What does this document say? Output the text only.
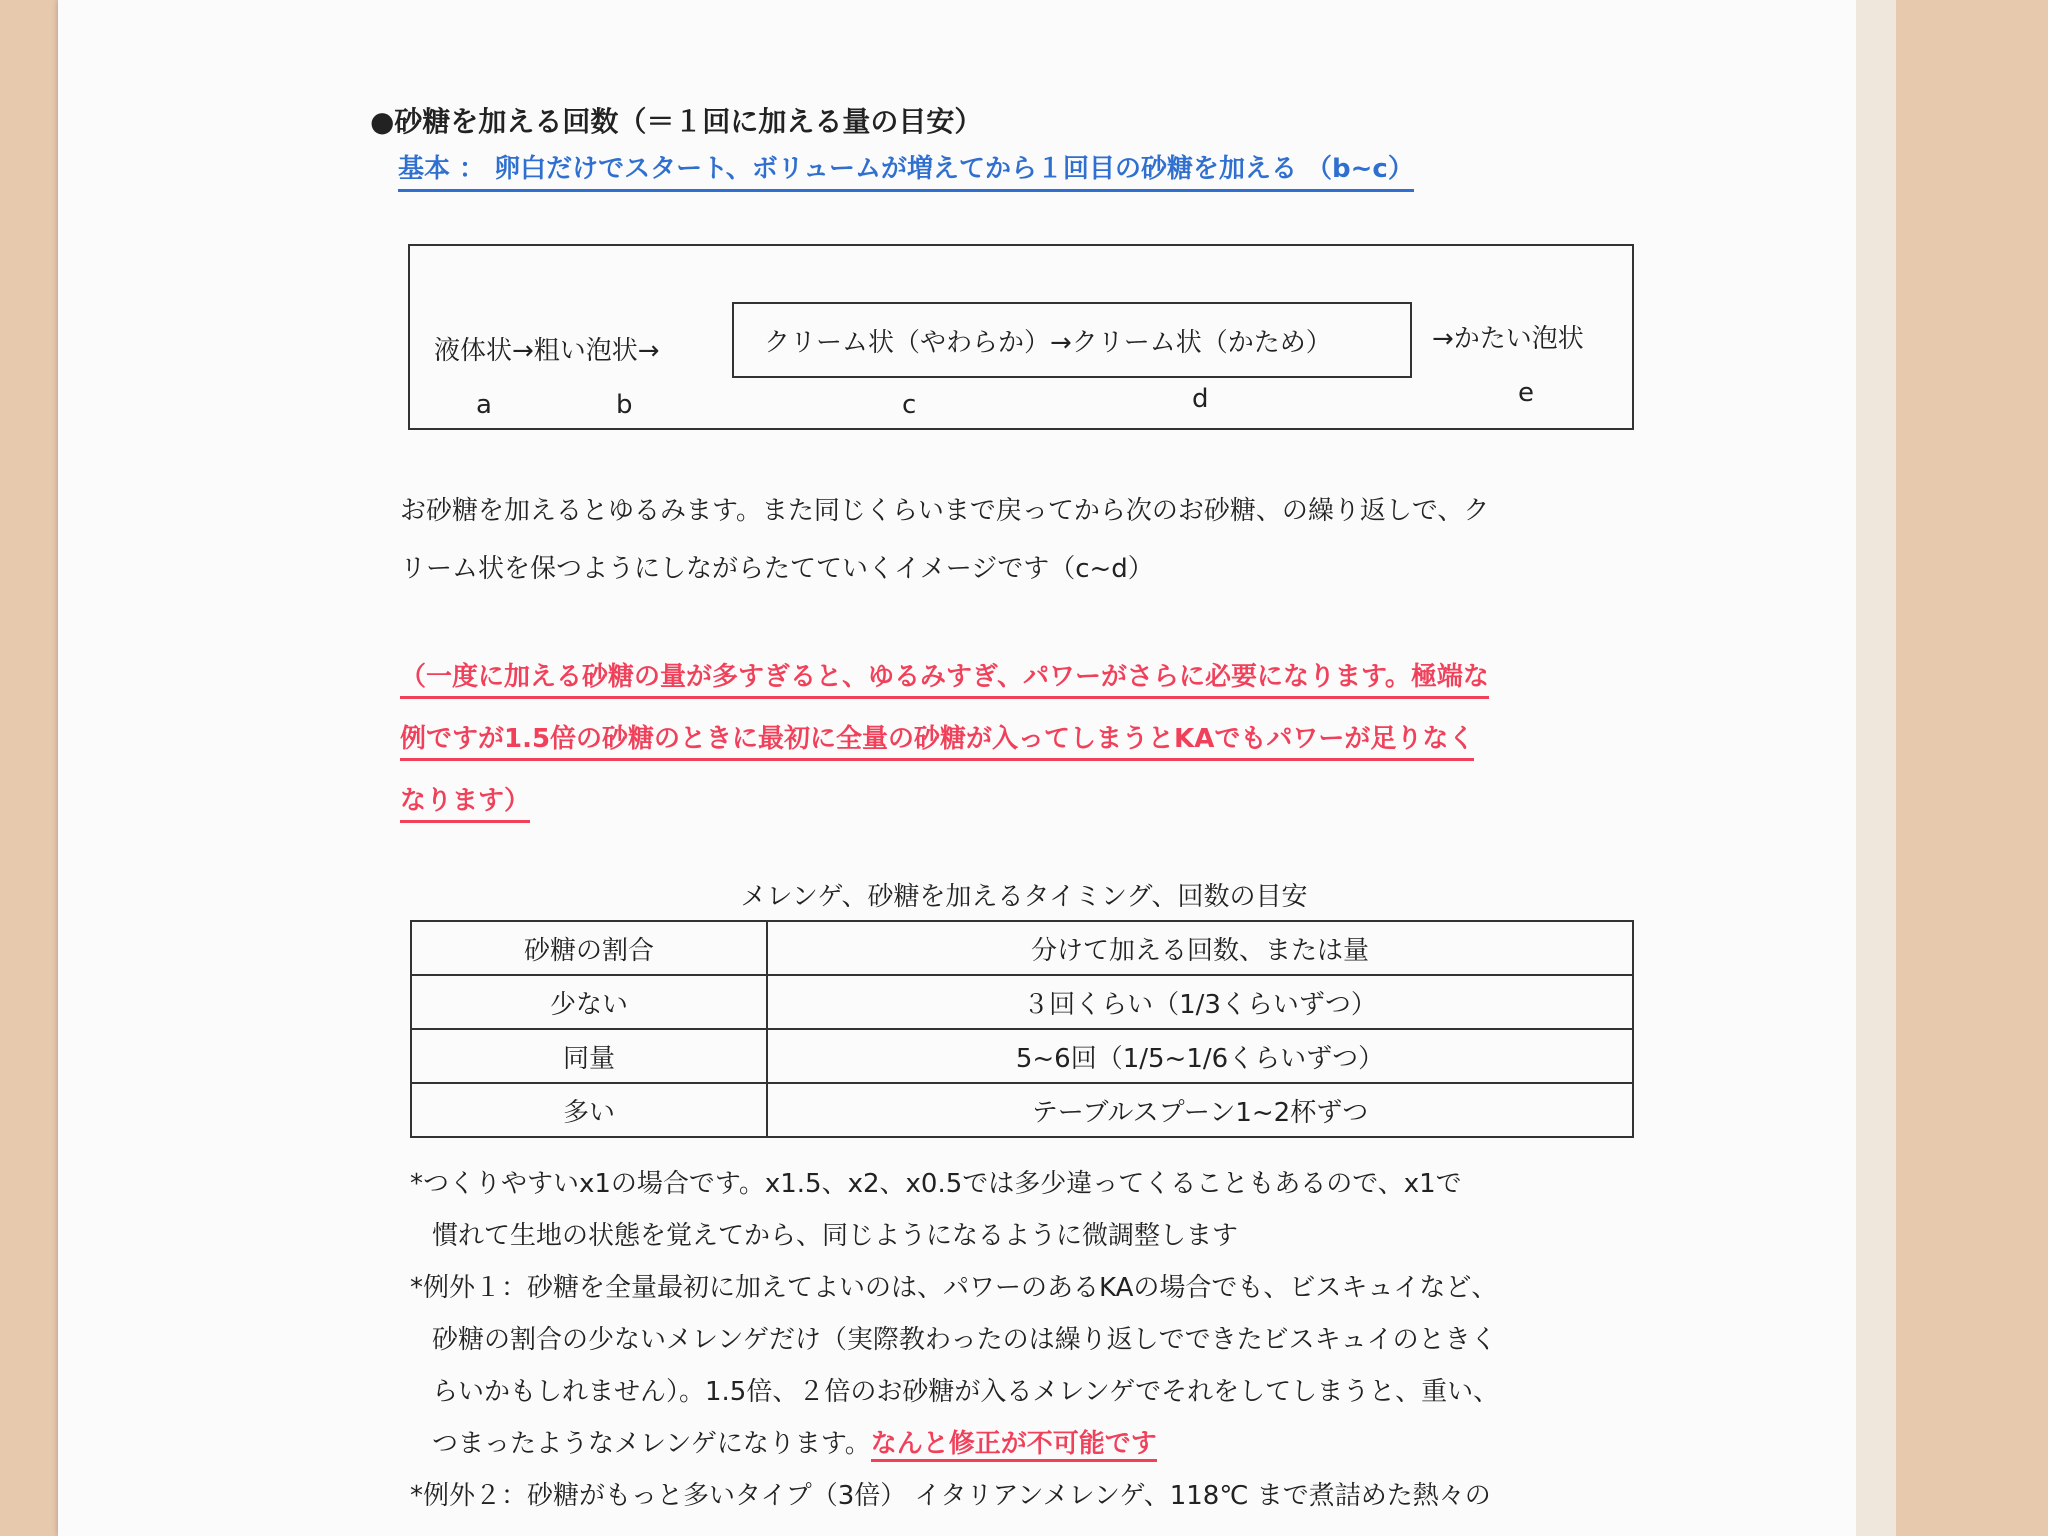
●砂糖を加える回数（＝１回に加える量の目安）
基本 ： 卵白だけでスタート、ボリュームが増えてから１回目の砂糖を加える （b~c）
液体状→粗い泡状→	クリーム状（やわらか）→クリーム状（かため）	→かたい泡状
a	b	c	d	e
お砂糖を加えるとゆるみます。また同じくらいまで戻ってから次のお砂糖、の繰り返しで、ク
リーム状を保つようにしながらたてていくイメージです（c~d）
（一度に加える砂糖の量が多すぎると、ゆるみすぎ、パワーがさらに必要になります。極端な
例ですが1.5倍の砂糖のときに最初に全量の砂糖が入ってしまうとKAでもパワーが足りなく
なります）
メレンゲ、砂糖を加えるタイミング、回数の目安
砂糖の割合	分けて加える回数、または量
少ない	３回くらい（1/3くらいずつ）
同量	5~6回（1/5~1/6くらいずつ）
多い	テーブルスプーン1~2杯ずつ
*つくりやすいx1の場合です。x1.5、x2、x0.5では多少違ってくることもあるので、x1で
慣れて生地の状態を覚えてから、同じようになるように微調整します
*例外１：砂糖を全量最初に加えてよいのは、パワーのあるKAの場合でも、ビスキュイなど、
砂糖の割合の少ないメレンゲだけ（実際教わったのは繰り返しでできたビスキュイのときく
らいかもしれません）。1.5倍、２倍のお砂糖が入るメレンゲでそれをしてしまうと、重い、
つまったようなメレンゲになります。なんと修正が不可能です
*例外２：砂糖がもっと多いタイプ（3倍） イタリアンメレンゲ、118℃ まで煮詰めた熱々の
